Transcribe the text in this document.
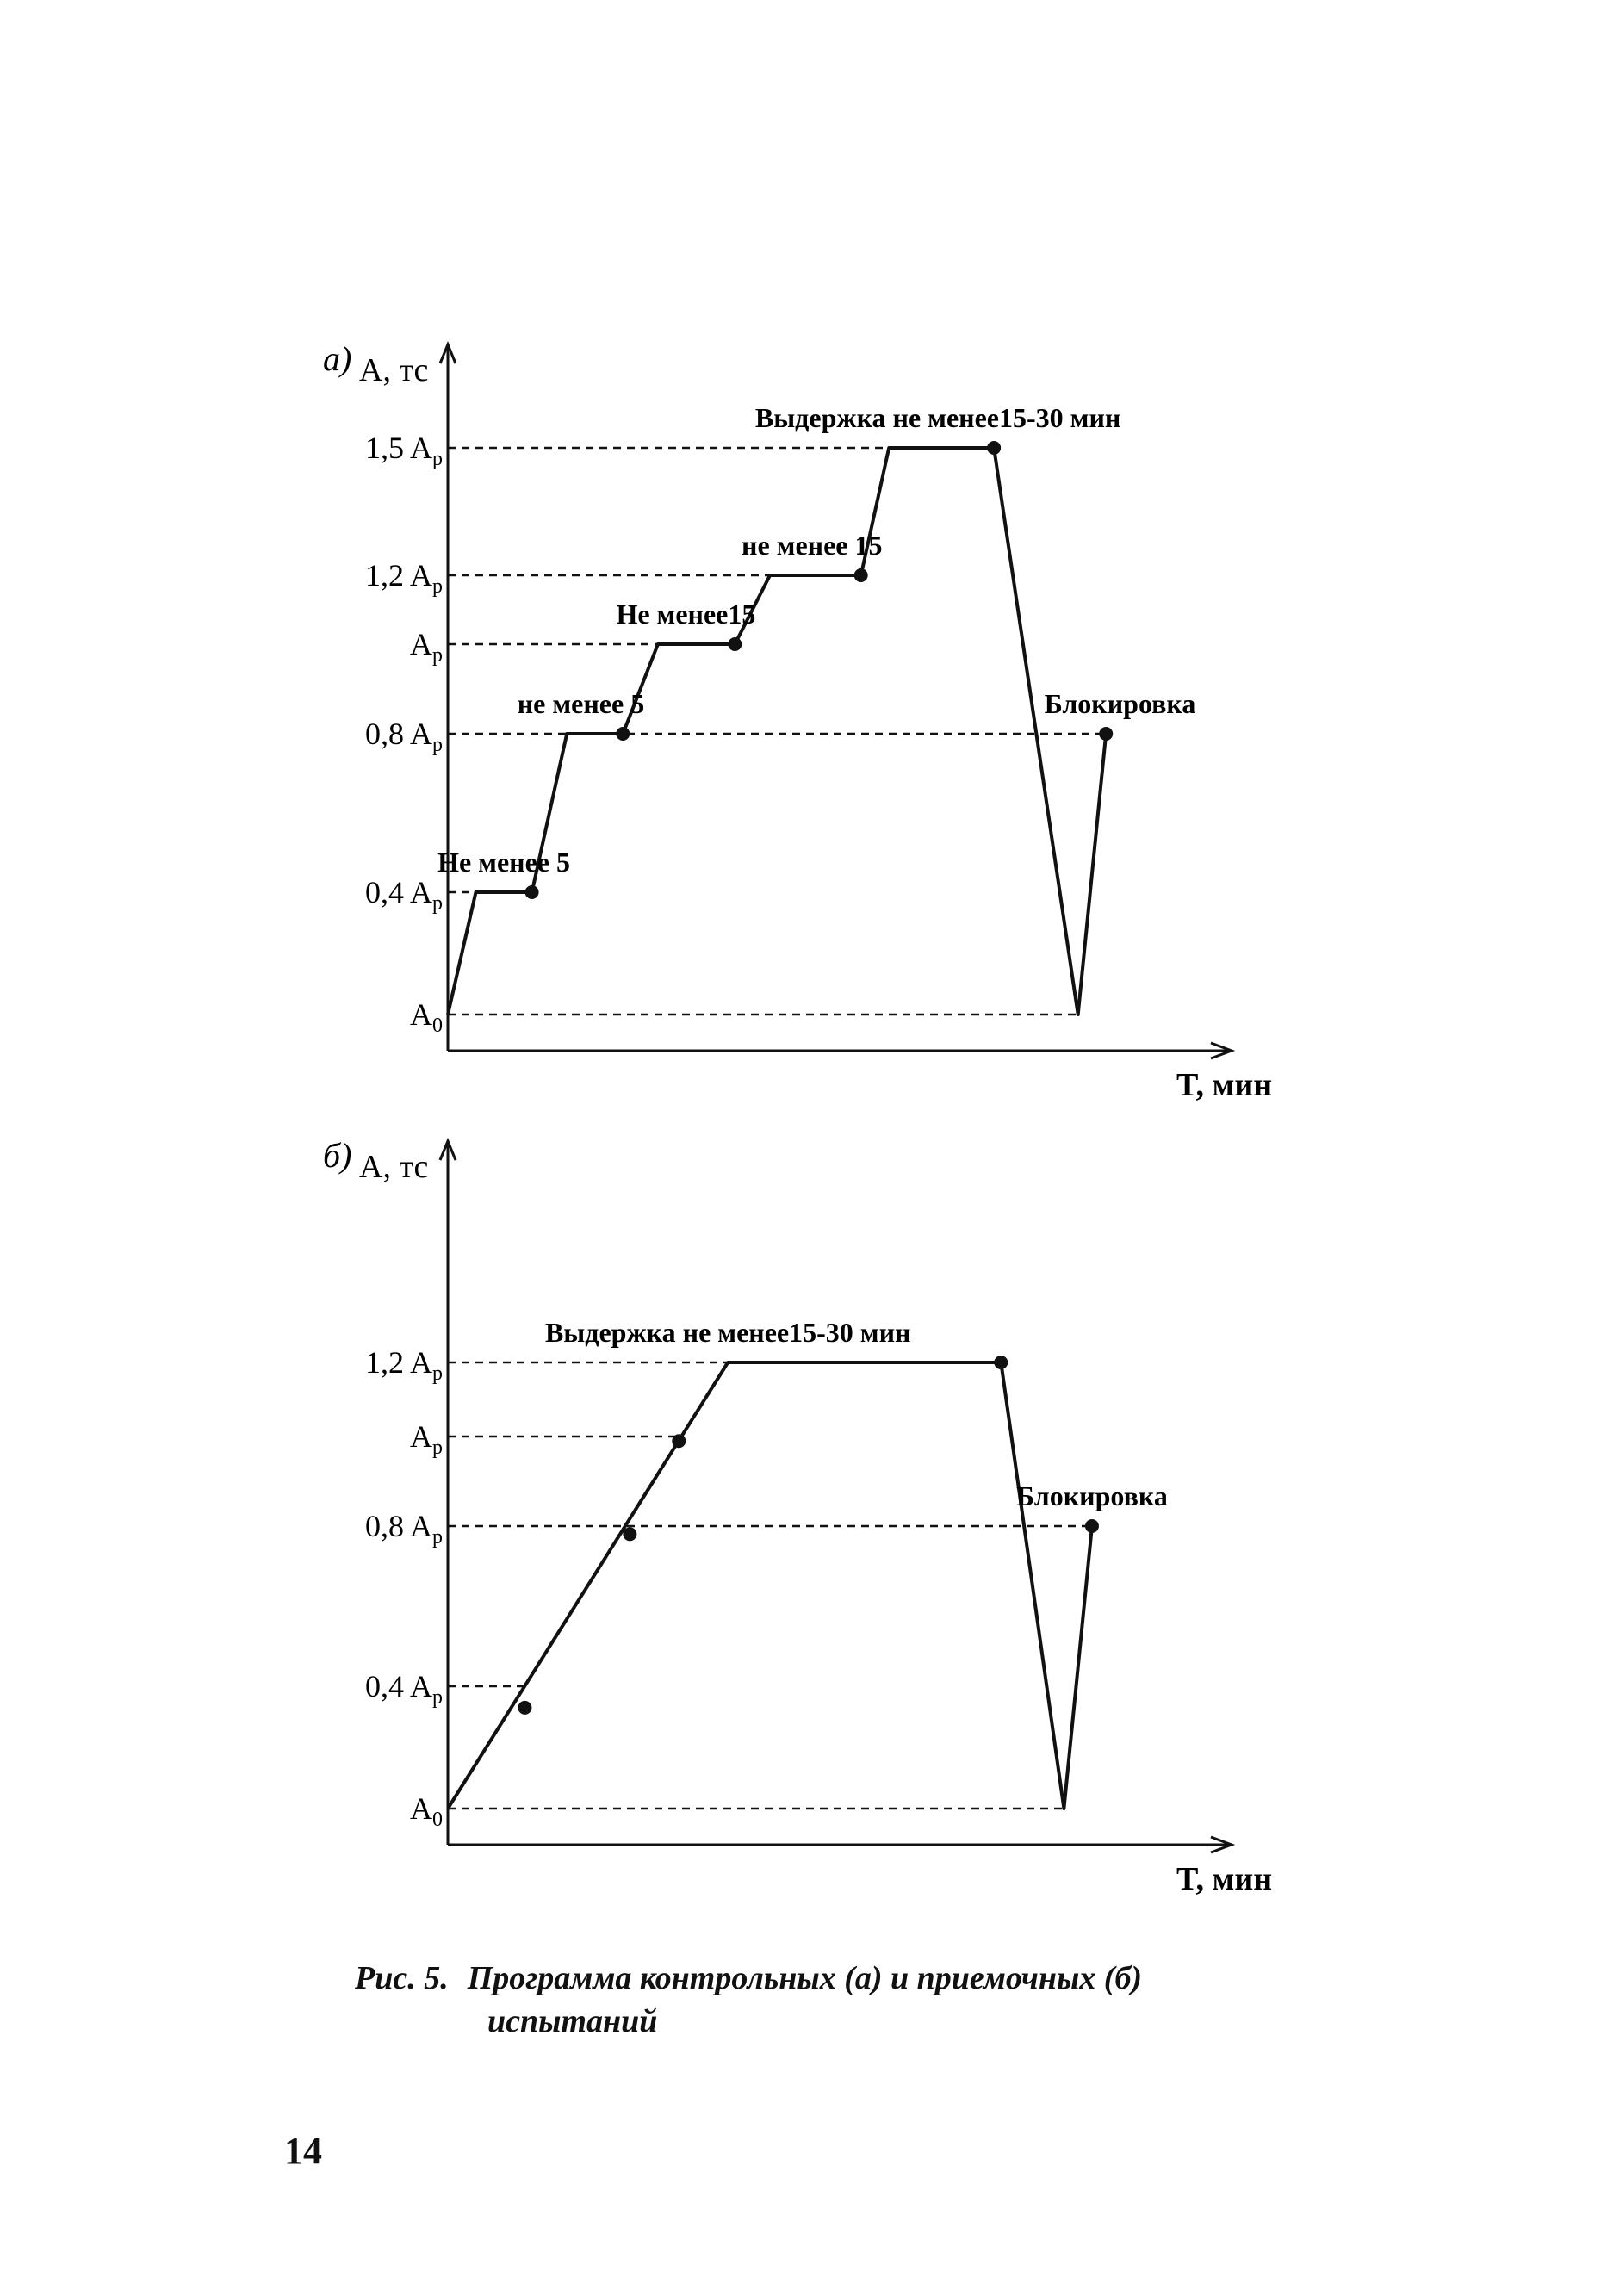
а) A, тс
T, мин
1,5 $A_р$
1,2 $A_р$
$A_р$
0,8 $A_р$
0,4 $A_р$
$A_0$
Выдержка не менее15-30 мин
не менее 15
Не менее15
не менее 5
Не менее 5
Блокировка
б) A, тс
T, мин
1,2 $A_р$
$A_р$
0,8 $A_р$
0,4 $A_р$
$A_0$
Выдержка не менее15-30 мин
Блокировка
Рис. 5. Программа контрольных (а) и приемочных (б)
испытаний
14
